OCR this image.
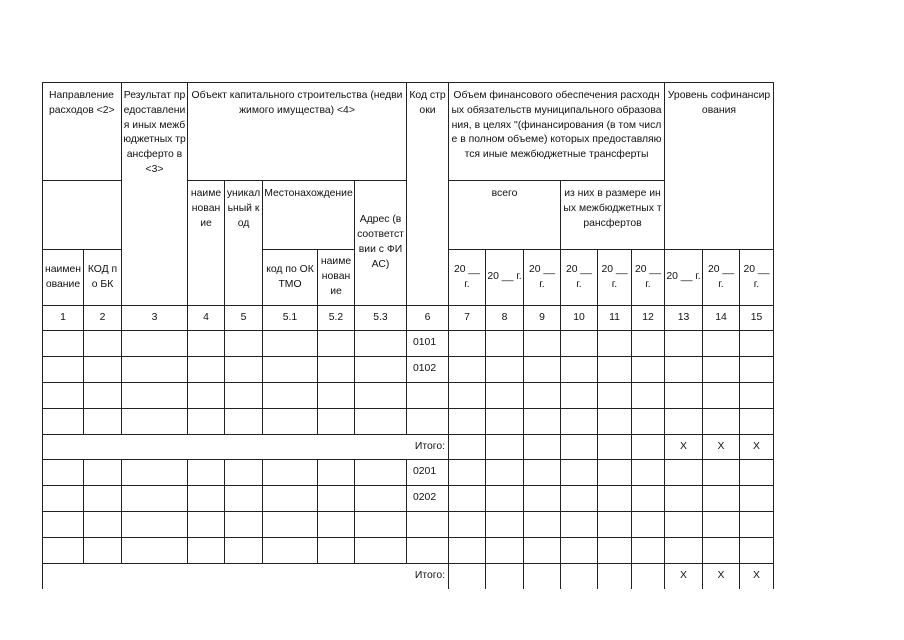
Направление расходов <2>		Результат предоставления иных межбюджетных трансферто в <3>	Объект капитального строительства (недвижимого имущества) <4>					Код строки	Объем финансового обеспечения расходных обязательств муниципального образования, в целях "(финансирования (в том числе в полном объеме) которых предоставляются иные межбюджетные трансферты						Уровень софинансирования		
			наименование	уникальный код	Местонахождение		Адрес (в соответствии с ФИАС)		всего			из них в размере иных межбюджетных трансфертов					
наименование	КОД по БК				код по ОКТМО	наименование			20 __ г.	20 __ г.	20 __ г.	20 __ г.	20 __ г.	20 __ г.	20 __ г.	20 __ г.	20 __ г.
1	2	3	4	5	5.1	5.2	5.3	6	7	8	9	10	11	12	13	14	15
								0101									
								0102									

Итого:															X	X	X
								0201									
								0202									

Итого:															X	X	X
